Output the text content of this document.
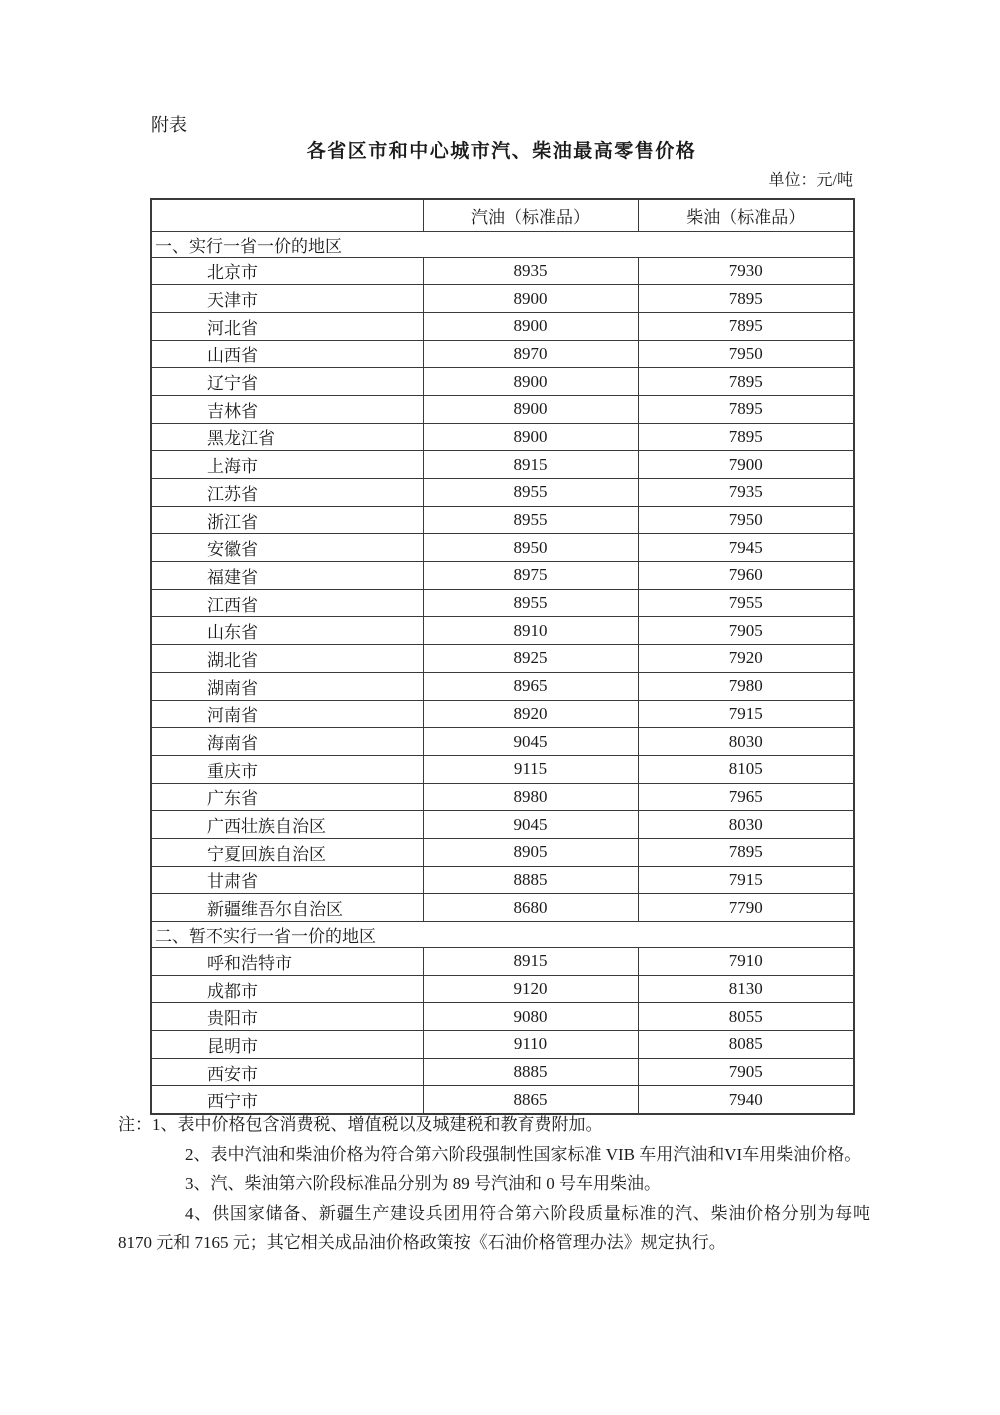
附表
各省区市和中心城市汽、柴油最高零售价格
单位：元/吨
	汽油（标准品）	柴油（标准品）
一、实行一省一价的地区		
北京市	8935	7930
天津市	8900	7895
河北省	8900	7895
山西省	8970	7950
辽宁省	8900	7895
吉林省	8900	7895
黑龙江省	8900	7895
上海市	8915	7900
江苏省	8955	7935
浙江省	8955	7950
安徽省	8950	7945
福建省	8975	7960
江西省	8955	7955
山东省	8910	7905
湖北省	8925	7920
湖南省	8965	7980
河南省	8920	7915
海南省	9045	8030
重庆市	9115	8105
广东省	8980	7965
广西壮族自治区	9045	8030
宁夏回族自治区	8905	7895
甘肃省	8885	7915
新疆维吾尔自治区	8680	7790
二、暂不实行一省一价的地区		
呼和浩特市	8915	7910
成都市	9120	8130
贵阳市	9080	8055
昆明市	9110	8085
西安市	8885	7905
西宁市	8865	7940

注：1、表中价格包含消费税、增值税以及城建税和教育费附加。

2、表中汽油和柴油价格为符合第六阶段强制性国家标准 VIB 车用汽油和VI车用柴油价格。

3、汽、柴油第六阶段标准品分别为 89 号汽油和 0 号车用柴油。

4、供国家储备、新疆生产建设兵团用符合第六阶段质量标准的汽、柴油价格分别为每吨 8170 元和 7165 元；其它相关成品油价格政策按《石油价格管理办法》规定执行。
